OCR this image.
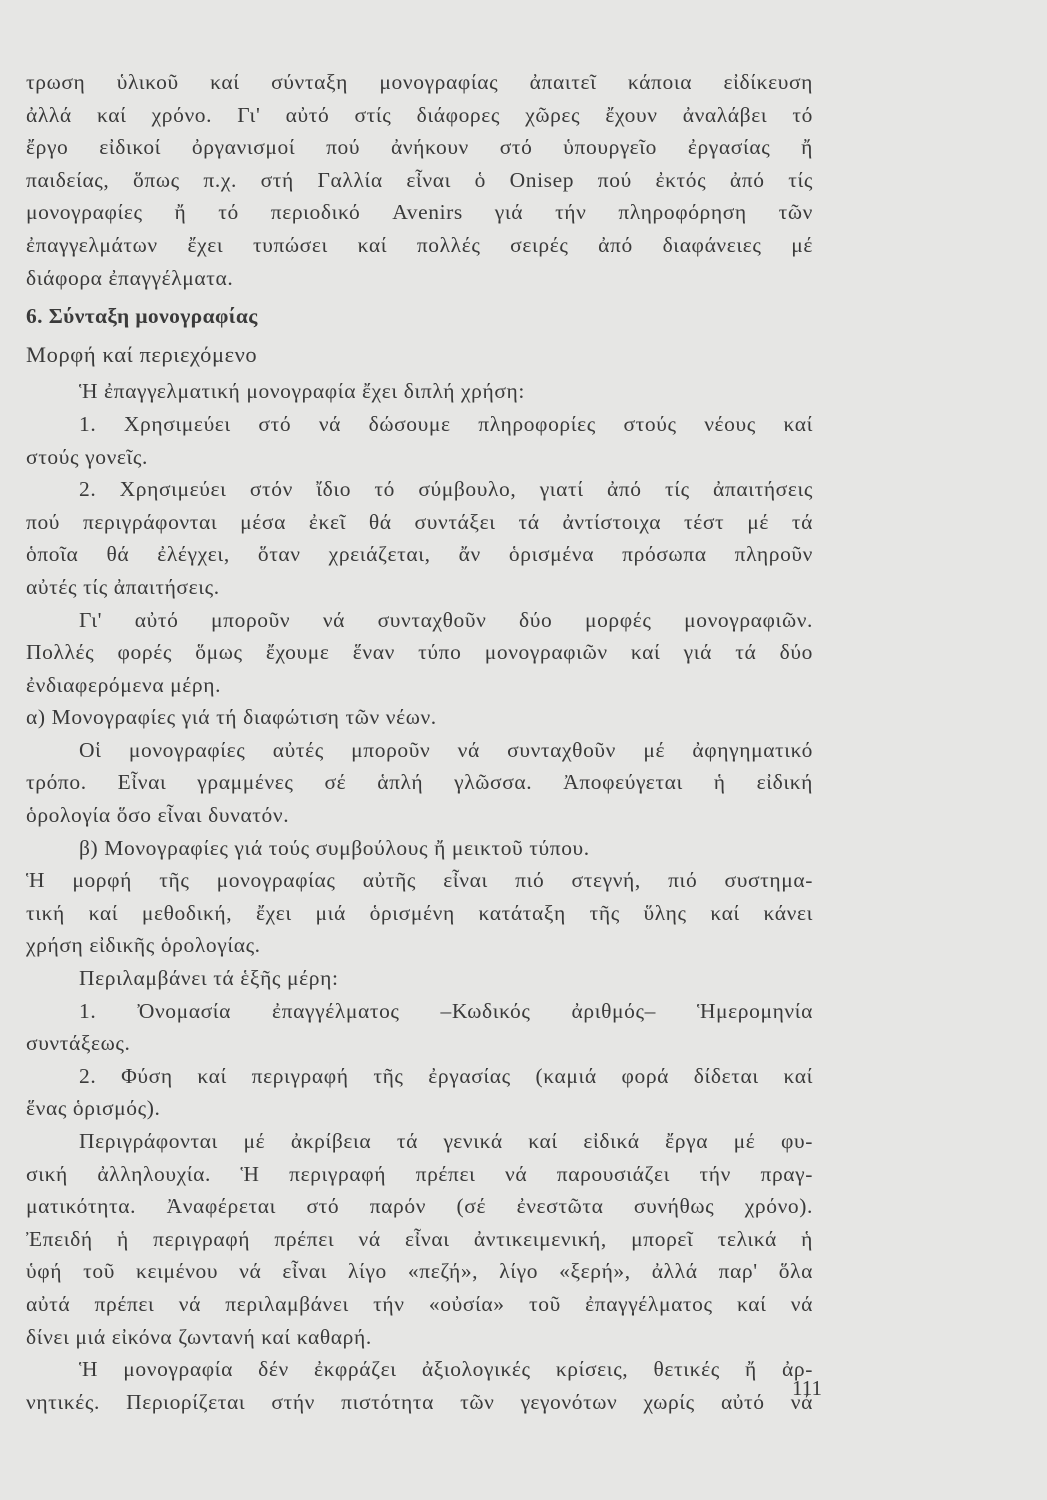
τρωση ὑλικοῦ καί σύνταξη μονογραφίας ἀπαιτεῖ κάποια εἰδίκευση
ἀλλά καί χρόνο. Γι' αὐτό στίς διάφορες χῶρες ἔχουν ἀναλάβει τό
ἔργο εἰδικοί ὀργανισμοί πού ἀνήκουν στό ὑπουργεῖο ἐργασίας ἤ
παιδείας, ὅπως π.χ. στή Γαλλία εἶναι ὁ Onisep πού ἐκτός ἀπό τίς
μονογραφίες ἤ τό περιοδικό Avenirs γιά τήν πληροφόρηση τῶν
ἐπαγγελμάτων ἔχει τυπώσει καί πολλές σειρές ἀπό διαφάνειες μέ
διάφορα ἐπαγγέλματα.
6. Σύνταξη μονογραφίας
Μορφή καί περιεχόμενο
Ἡ ἐπαγγελματική μονογραφία ἔχει διπλή χρήση:
1. Χρησιμεύει στό νά δώσουμε πληροφορίες στούς νέους καί
στούς γονεῖς.
2. Χρησιμεύει στόν ἴδιο τό σύμβουλο, γιατί ἀπό τίς ἀπαιτήσεις
πού περιγράφονται μέσα ἐκεῖ θά συντάξει τά ἀντίστοιχα τέστ μέ τά
ὁποῖα θά ἐλέγχει, ὅταν χρειάζεται, ἄν ὁρισμένα πρόσωπα πληροῦν
αὐτές τίς ἀπαιτήσεις.
Γι' αὐτό μποροῦν νά συνταχθοῦν δύο μορφές μονογραφιῶν.
Πολλές φορές ὅμως ἔχουμε ἕναν τύπο μονογραφιῶν καί γιά τά δύο
ἐνδιαφερόμενα μέρη.
α) Μονογραφίες γιά τή διαφώτιση τῶν νέων.
Οἱ μονογραφίες αὐτές μποροῦν νά συνταχθοῦν μέ ἀφηγηματικό
τρόπο. Εἶναι γραμμένες σέ ἁπλή γλῶσσα. Ἀποφεύγεται ἡ εἰδική
ὁρολογία ὅσο εἶναι δυνατόν.
β) Μονογραφίες γιά τούς συμβούλους ἤ μεικτοῦ τύπου.
Ἡ μορφή τῆς μονογραφίας αὐτῆς εἶναι πιό στεγνή, πιό συστημα-
τική καί μεθοδική, ἔχει μιά ὁρισμένη κατάταξη τῆς ὕλης καί κάνει
χρήση εἰδικῆς ὁρολογίας.
Περιλαμβάνει τά ἑξῆς μέρη:
1. Ὀνομασία ἐπαγγέλματος –Κωδικός ἀριθμός– Ἡμερομηνία
συντάξεως.
2. Φύση καί περιγραφή τῆς ἐργασίας (καμιά φορά δίδεται καί
ἕνας ὁρισμός).
Περιγράφονται μέ ἀκρίβεια τά γενικά καί εἰδικά ἔργα μέ φυ-
σική ἀλληλουχία. Ἡ περιγραφή πρέπει νά παρουσιάζει τήν πραγ-
ματικότητα. Ἀναφέρεται στό παρόν (σέ ἐνεστῶτα συνήθως χρόνο).
Ἐπειδή ἡ περιγραφή πρέπει νά εἶναι ἀντικειμενική, μπορεῖ τελικά ἡ
ὑφή τοῦ κειμένου νά εἶναι λίγο «πεζή», λίγο «ξερή», ἀλλά παρ' ὅλα
αὐτά πρέπει νά περιλαμβάνει τήν «οὐσία» τοῦ ἐπαγγέλματος καί νά
δίνει μιά εἰκόνα ζωντανή καί καθαρή.
Ἡ μονογραφία δέν ἐκφράζει ἀξιολογικές κρίσεις, θετικές ἤ ἀρ-
νητικές. Περιορίζεται στήν πιστότητα τῶν γεγονότων χωρίς αὐτό νά
111
